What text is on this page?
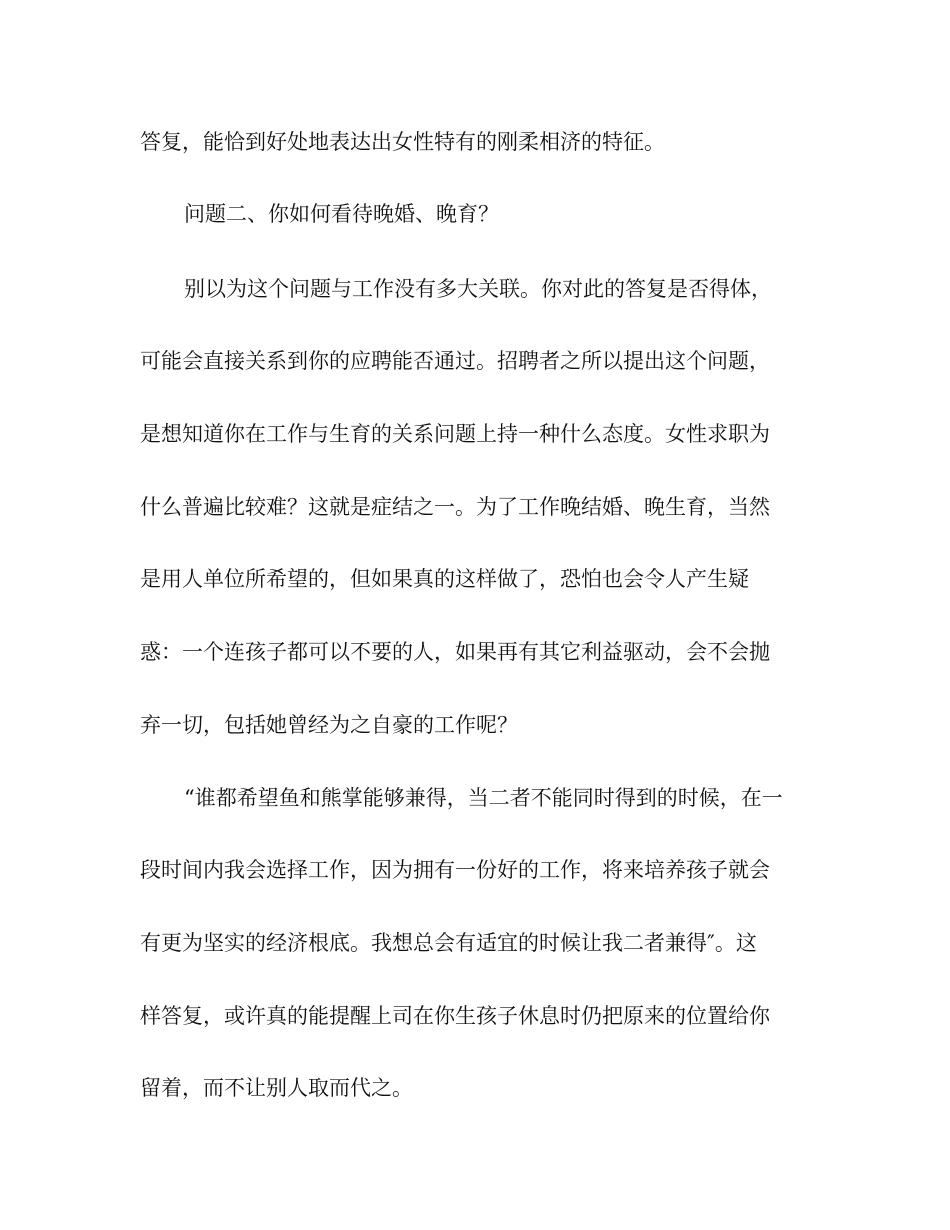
答复，能恰到好处地表达出女性特有的刚柔相济的特征。
问题二、你如何看待晚婚、晚育？
别以为这个问题与工作没有多大关联。你对此的答复是否得体，
可能会直接关系到你的应聘能否通过。招聘者之所以提出这个问题，
是想知道你在工作与生育的关系问题上持一种什么态度。女性求职为
什么普遍比较难？这就是症结之一。为了工作晚结婚、晚生育，当然
是用人单位所希望的，但如果真的这样做了，恐怕也会令人产生疑
惑：一个连孩子都可以不要的人，如果再有其它利益驱动，会不会抛
弃一切，包括她曾经为之自豪的工作呢？
“谁都希望鱼和熊掌能够兼得，当二者不能同时得到的时候，在一
段时间内我会选择工作，因为拥有一份好的工作，将来培养孩子就会
有更为坚实的经济根底。我想总会有适宜的时候让我二者兼得″。这
样答复，或许真的能提醒上司在你生孩子休息时仍把原来的位置给你
留着，而不让别人取而代之。
